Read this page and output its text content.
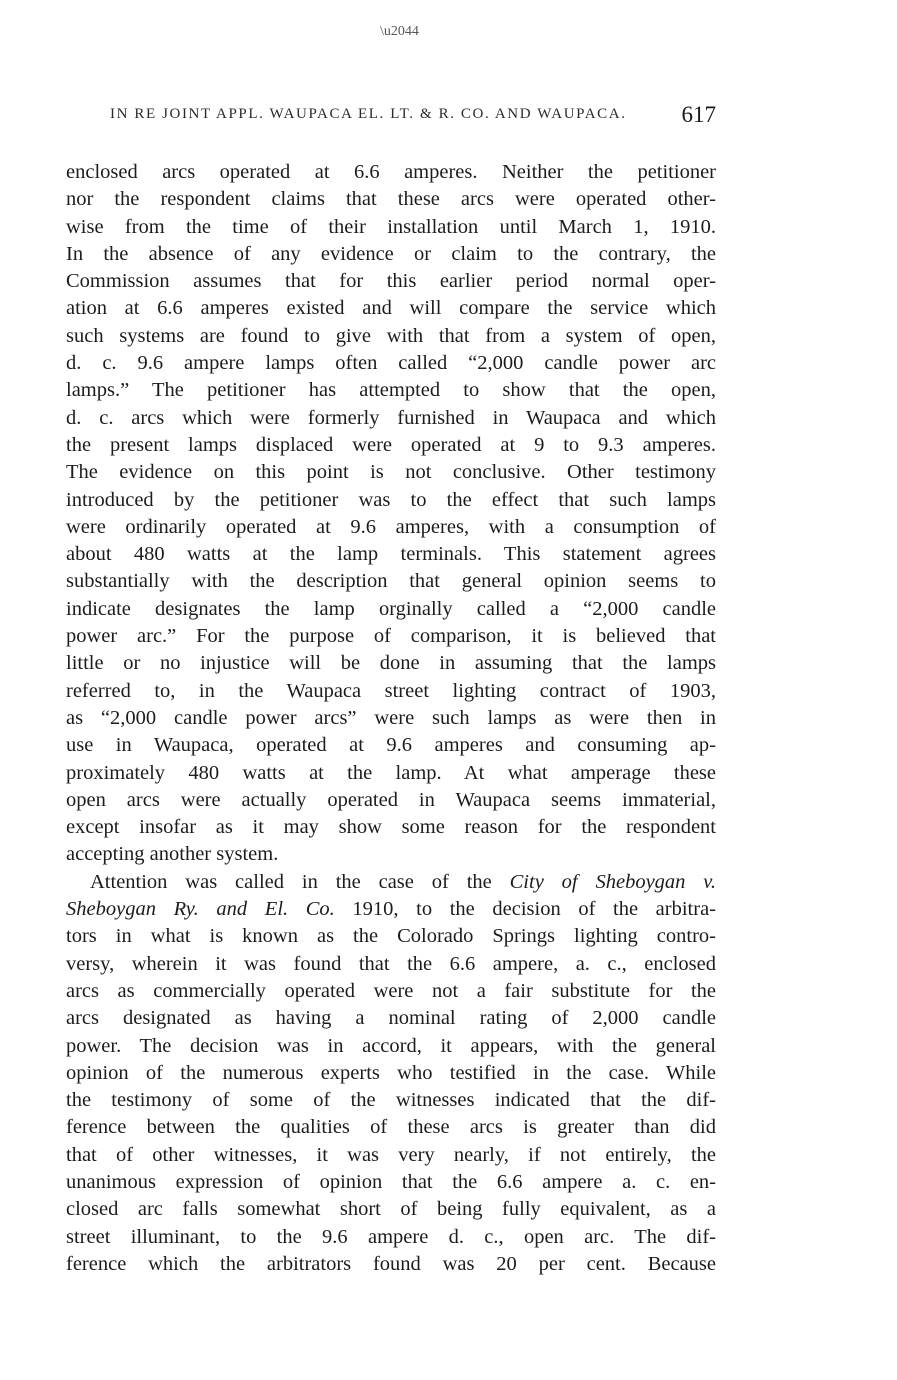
\u2044
IN RE JOINT APPL. WAUPACA EL. LT. & R. CO. AND WAUPACA. 617
enclosed arcs operated at 6.6 amperes. Neither the petitioner
nor the respondent claims that these arcs were operated other-
wise from the time of their installation until March 1, 1910.
In the absence of any evidence or claim to the contrary, the
Commission assumes that for this earlier period normal oper-
ation at 6.6 amperes existed and will compare the service which
such systems are found to give with that from a system of open,
d. c. 9.6 ampere lamps often called “2,000 candle power arc
lamps.” The petitioner has attempted to show that the open,
d. c. arcs which were formerly furnished in Waupaca and which
the present lamps displaced were operated at 9 to 9.3 amperes.
The evidence on this point is not conclusive. Other testimony
introduced by the petitioner was to the effect that such lamps
were ordinarily operated at 9.6 amperes, with a consumption of
about 480 watts at the lamp terminals. This statement agrees
substantially with the description that general opinion seems to
indicate designates the lamp orginally called a “2,000 candle
power arc.” For the purpose of comparison, it is believed that
little or no injustice will be done in assuming that the lamps
referred to, in the Waupaca street lighting contract of 1903,
as “2,000 candle power arcs” were such lamps as were then in
use in Waupaca, operated at 9.6 amperes and consuming ap-
proximately 480 watts at the lamp. At what amperage these
open arcs were actually operated in Waupaca seems immaterial,
except insofar as it may show some reason for the respondent
accepting another system.
Attention was called in the case of the City of Sheboygan v.
Sheboygan Ry. and El. Co. 1910, to the decision of the arbitra-
tors in what is known as the Colorado Springs lighting contro-
versy, wherein it was found that the 6.6 ampere, a. c., enclosed
arcs as commercially operated were not a fair substitute for the
arcs designated as having a nominal rating of 2,000 candle
power. The decision was in accord, it appears, with the general
opinion of the numerous experts who testified in the case. While
the testimony of some of the witnesses indicated that the dif-
ference between the qualities of these arcs is greater than did
that of other witnesses, it was very nearly, if not entirely, the
unanimous expression of opinion that the 6.6 ampere a. c. en-
closed arc falls somewhat short of being fully equivalent, as a
street illuminant, to the 9.6 ampere d. c., open arc. The dif-
ference which the arbitrators found was 20 per cent. Because
